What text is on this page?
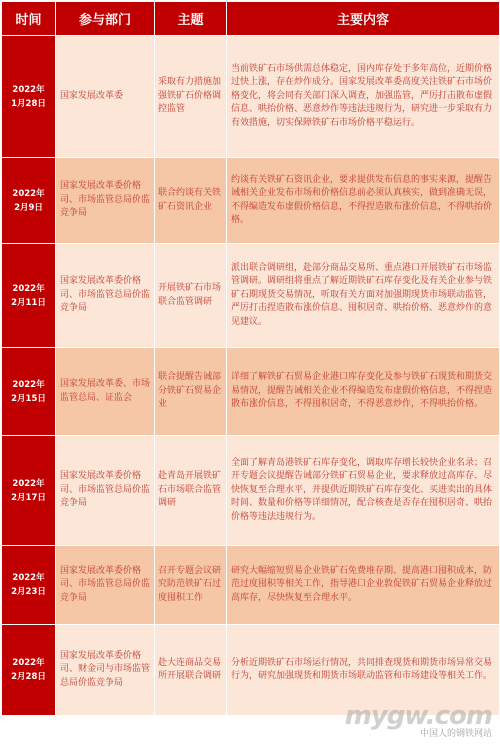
时间	参与部门	主题	主要内容

2022年
1月28日	国家发展改革委	采取有力措施加强铁矿石价格调控监管	当前铁矿石市场供需总体稳定，国内库存处于多年高位，近期价格过快上涨，存在炒作成分。国家发展改革委高度关注铁矿石市场价格变化，将会同有关部门深入调查，加强监管，严厉打击散布虚假信息、哄抬价格、恶意炒作等违法违规行为，研究进一步采取有力有效措施，切实保障铁矿石市场价格平稳运行。

2022年
2月9日	国家发展改革委价格司、市场监管总局价监竞争局	联合约谈有关铁矿石资讯企业	约谈有关铁矿石资讯企业，要求提供发布信息的事实来源，提醒告诫相关企业发布市场和价格信息前必须认真核实，做到准确无误，不得编造发布虚假价格信息，不得捏造散布涨价信息，不得哄抬价格。

2022年
2月11日	国家发展改革委价格司、市场监管总局价监竞争局	开展铁矿石市场联合监管调研	派出联合调研组，赴部分商品交易所、重点港口开展铁矿石市场监管调研。调研组将重点了解近期铁矿石库存变化及有关企业参与铁矿石期现货交易情况，听取有关方面对加强期现货市场联动监管，严厉打击捏造散布涨价信息、囤积居奇、哄抬价格、恶意炒作的意见建议。

2022年
2月15日	国家发展改革委、市场监管总局、证监会	联合提醒告诫部分铁矿石贸易企业	详细了解铁矿石贸易企业港口库存变化及参与铁矿石现货和期货交易情况，提醒告诫相关企业不得编造发布虚假价格信息，不得捏造散布涨价信息，不得囤积居奇，不得恶意炒作，不得哄抬价格。

2022年
2月17日	国家发展改革委价格司、市场监管总局价监竞争局	赴青岛开展铁矿石市场联合监管调研	全面了解青岛港铁矿石库存变化，调取库存增长较快企业名录；召开专题会议提醒告诫部分铁矿石贸易企业，要求释放过高库存、尽快恢复至合理水平，并提供近期铁矿石库存变化、买进卖出的具体时间、数量和价格等详细情况，配合核查是否存在囤积居奇、哄抬价格等违法违规行为。

2022年
2月23日	国家发展改革委价格司、市场监管总局价监竞争局	召开专题会议研究防范铁矿石过度囤积工作	研究大幅缩短贸易企业铁矿石免费堆存期、提高港口囤积成本，防范过度囤积等相关工作，指导港口企业敦促铁矿石贸易企业释放过高库存，尽快恢复至合理水平。

2022年
2月28日	国家发展改革委价格司、财金司与市场监管总局价监竞争局	赴大连商品交易所开展联合调研	分析近期铁矿石市场运行情况，共同排查现货和期货市场异常交易行为，研究加强现货和期货市场联动监管和市场建设等相关工作。
mygw.com
中国人的钢铁网站
